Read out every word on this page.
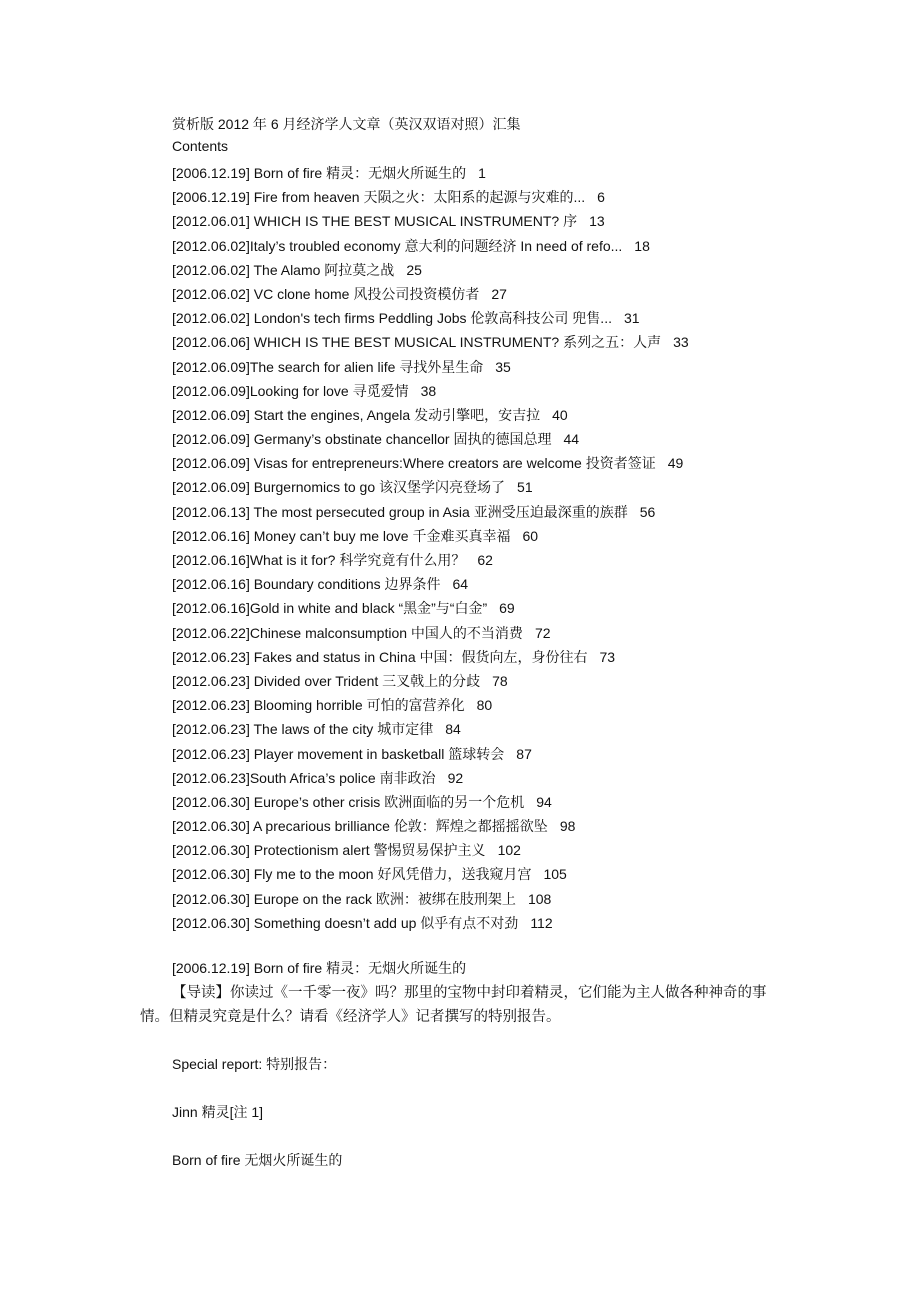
赏析版 2012 年 6 月经济学人文章（英汉双语对照）汇集
Contents
[2006.12.19] Born of fire 精灵：无烟火所诞生的 1
[2006.12.19] Fire from heaven 天陨之火：太阳系的起源与灾难的... 6
[2012.06.01] WHICH IS THE BEST MUSICAL INSTRUMENT? 序 13
[2012.06.02]Italy’s troubled economy 意大利的问题经济 In need of refo... 18
[2012.06.02] The Alamo 阿拉莫之战 25
[2012.06.02] VC clone home 风投公司投资模仿者 27
[2012.06.02] London's tech firms Peddling Jobs 伦敦高科技公司 兜售... 31
[2012.06.06] WHICH IS THE BEST MUSICAL INSTRUMENT? 系列之五：人声 33
[2012.06.09]The search for alien life 寻找外星生命 35
[2012.06.09]Looking for love 寻觅爱情 38
[2012.06.09] Start the engines, Angela 发动引擎吧，安吉拉 40
[2012.06.09] Germany’s obstinate chancellor 固执的德国总理 44
[2012.06.09] Visas for entrepreneurs:Where creators are welcome 投资者签证 49
[2012.06.09] Burgernomics to go 该汉堡学闪亮登场了 51
[2012.06.13] The most persecuted group in Asia 亚洲受压迫最深重的族群 56
[2012.06.16] Money can’t buy me love 千金难买真幸福 60
[2012.06.16]What is it for? 科学究竟有什么用？ 62
[2012.06.16] Boundary conditions 边界条件 64
[2012.06.16]Gold in white and black “黑金”与“白金” 69
[2012.06.22]Chinese malconsumption 中国人的不当消费 72
[2012.06.23] Fakes and status in China 中国：假货向左，身份往右 73
[2012.06.23] Divided over Trident 三叉戟上的分歧 78
[2012.06.23] Blooming horrible 可怕的富营养化 80
[2012.06.23] The laws of the city 城市定律 84
[2012.06.23] Player movement in basketball 篮球转会 87
[2012.06.23]South Africa’s police 南非政治 92
[2012.06.30] Europe’s other crisis 欧洲面临的另一个危机 94
[2012.06.30] A precarious brilliance 伦敦：辉煌之都摇摇欲坠 98
[2012.06.30] Protectionism alert 警惕贸易保护主义 102
[2012.06.30] Fly me to the moon 好风凭借力，送我窥月宫 105
[2012.06.30] Europe on the rack 欧洲：被绑在肢刑架上 108
[2012.06.30] Something doesn’t add up 似乎有点不对劲 112
[2006.12.19] Born of fire 精灵：无烟火所诞生的
【导读】你读过《一千零一夜》吗？那里的宝物中封印着精灵，它们能为主人做各种神奇的事情。但精灵究竟是什么？请看《经济学人》记者撰写的特别报告。
Special report: 特别报告：
Jinn 精灵[注 1]
Born of fire 无烟火所诞生的
